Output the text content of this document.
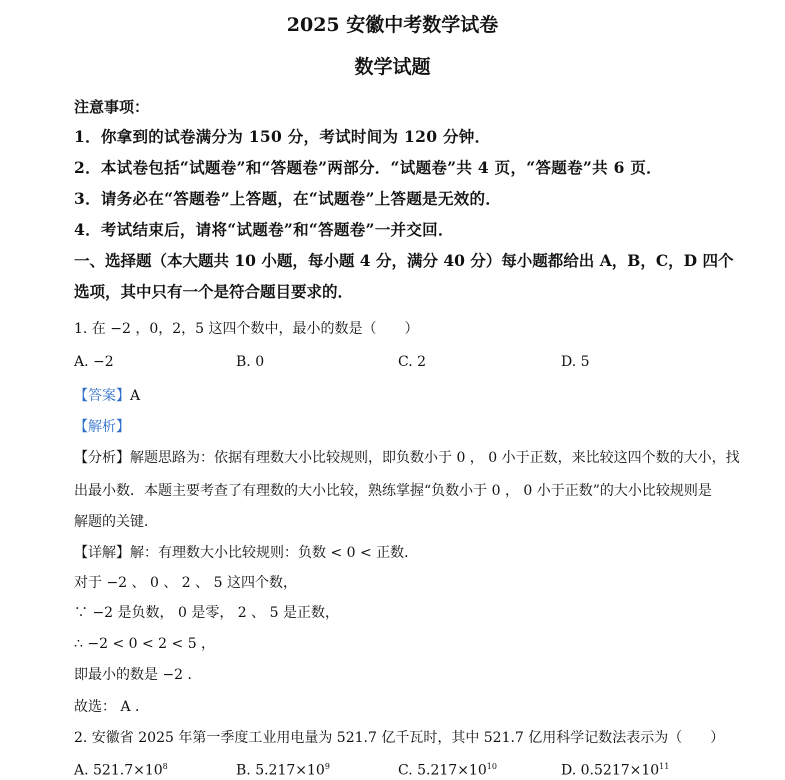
2025 安徽中考数学试卷
数学试题
注意事项：
1．你拿到的试卷满分为 150 分，考试时间为 120 分钟．
2．本试卷包括“试题卷”和“答题卷”两部分．“试题卷”共 4 页，“答题卷”共 6 页．
3．请务必在“答题卷”上答题，在“试题卷”上答题是无效的．
4．考试结束后，请将“试题卷”和“答题卷”一并交回．
一、选择题（本大题共 10 小题，每小题 4 分，满分 40 分）每小题都给出 A，B，C，D 四个
选项，其中只有一个是符合题目要求的．
1. 在 −2 ，0，2，5 这四个数中，最小的数是（　　）
A. −2	B. 0	C. 2	D. 5
【答案】A
【解析】
【分析】解题思路为：依据有理数大小比较规则，即负数小于 0 ， 0 小于正数，来比较这四个数的大小，找
出最小数．本题主要考查了有理数的大小比较，熟练掌握“负数小于 0 ， 0 小于正数”的大小比较规则是
解题的关键．
【详解】解：有理数大小比较规则：负数 < 0 < 正数．
对于 −2 、 0 、 2 、 5 这四个数，
∵ −2 是负数， 0 是零， 2 、 5 是正数，
∴ −2 < 0 < 2 < 5 ，
即最小的数是 −2 ．
故选： A ．
2. 安徽省 2025 年第一季度工业用电量为 521.7 亿千瓦时，其中 521.7 亿用科学记数法表示为（　　）
A. $521.7\times 10^8$	B. $5.217\times 10^9$	C. $5.217\times 10^{10}$	D. $0.5217\times 10^{11}$
